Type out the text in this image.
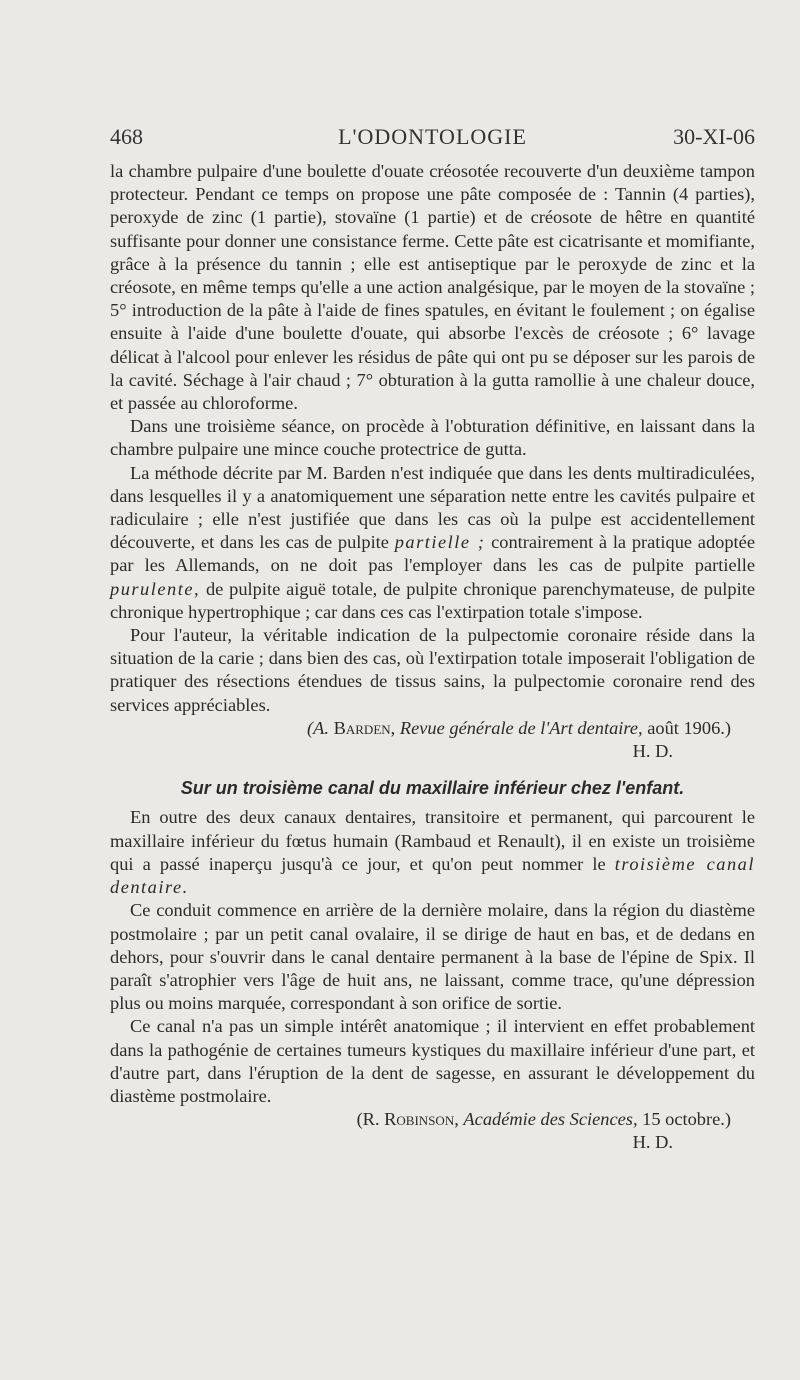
468	L'ODONTOLOGIE	30-XI-06

la chambre pulpaire d'une boulette d'ouate créosotée recouverte d'un deuxième tampon protecteur. Pendant ce temps on propose une pâte composée de : Tannin (4 parties), peroxyde de zinc (1 partie), stovaïne (1 partie) et de créosote de hêtre en quantité suffisante pour donner une consistance ferme. Cette pâte est cicatrisante et momifiante, grâce à la présence du tannin ; elle est antiseptique par le peroxyde de zinc et la créosote, en même temps qu'elle a une action analgésique, par le moyen de la stovaïne ; 5° introduction de la pâte à l'aide de fines spatules, en évitant le foulement ; on égalise ensuite à l'aide d'une boulette d'ouate, qui absorbe l'excès de créosote ; 6° lavage délicat à l'alcool pour enlever les résidus de pâte qui ont pu se déposer sur les parois de la cavité. Séchage à l'air chaud ; 7° obturation à la gutta ramollie à une chaleur douce, et passée au chloroforme.

Dans une troisième séance, on procède à l'obturation définitive, en laissant dans la chambre pulpaire une mince couche protectrice de gutta.

La méthode décrite par M. Barden n'est indiquée que dans les dents multiradiculées, dans lesquelles il y a anatomiquement une séparation nette entre les cavités pulpaire et radiculaire ; elle n'est justifiée que dans les cas où la pulpe est accidentellement découverte, et dans les cas de pulpite partielle ; contrairement à la pratique adoptée par les Allemands, on ne doit pas l'employer dans les cas de pulpite partielle purulente, de pulpite aiguë totale, de pulpite chronique parenchymateuse, de pulpite chronique hypertrophique ; car dans ces cas l'extirpation totale s'impose.

Pour l'auteur, la véritable indication de la pulpectomie coronaire réside dans la situation de la carie ; dans bien des cas, où l'extirpation totale imposerait l'obligation de pratiquer des résections étendues de tissus sains, la pulpectomie coronaire rend des services appréciables.

(A. Barden, Revue générale de l'Art dentaire, août 1906.)

H. D.

Sur un troisième canal du maxillaire inférieur chez l'enfant.

En outre des deux canaux dentaires, transitoire et permanent, qui parcourent le maxillaire inférieur du fœtus humain (Rambaud et Renault), il en existe un troisième qui a passé inaperçu jusqu'à ce jour, et qu'on peut nommer le troisième canal dentaire.

Ce conduit commence en arrière de la dernière molaire, dans la région du diastème postmolaire ; par un petit canal ovalaire, il se dirige de haut en bas, et de dedans en dehors, pour s'ouvrir dans le canal dentaire permanent à la base de l'épine de Spix. Il paraît s'atrophier vers l'âge de huit ans, ne laissant, comme trace, qu'une dépression plus ou moins marquée, correspondant à son orifice de sortie.

Ce canal n'a pas un simple intérêt anatomique ; il intervient en effet probablement dans la pathogénie de certaines tumeurs kystiques du maxillaire inférieur d'une part, et d'autre part, dans l'éruption de la dent de sagesse, en assurant le développement du diastème postmolaire.

(R. Robinson, Académie des Sciences, 15 octobre.)

H. D.
